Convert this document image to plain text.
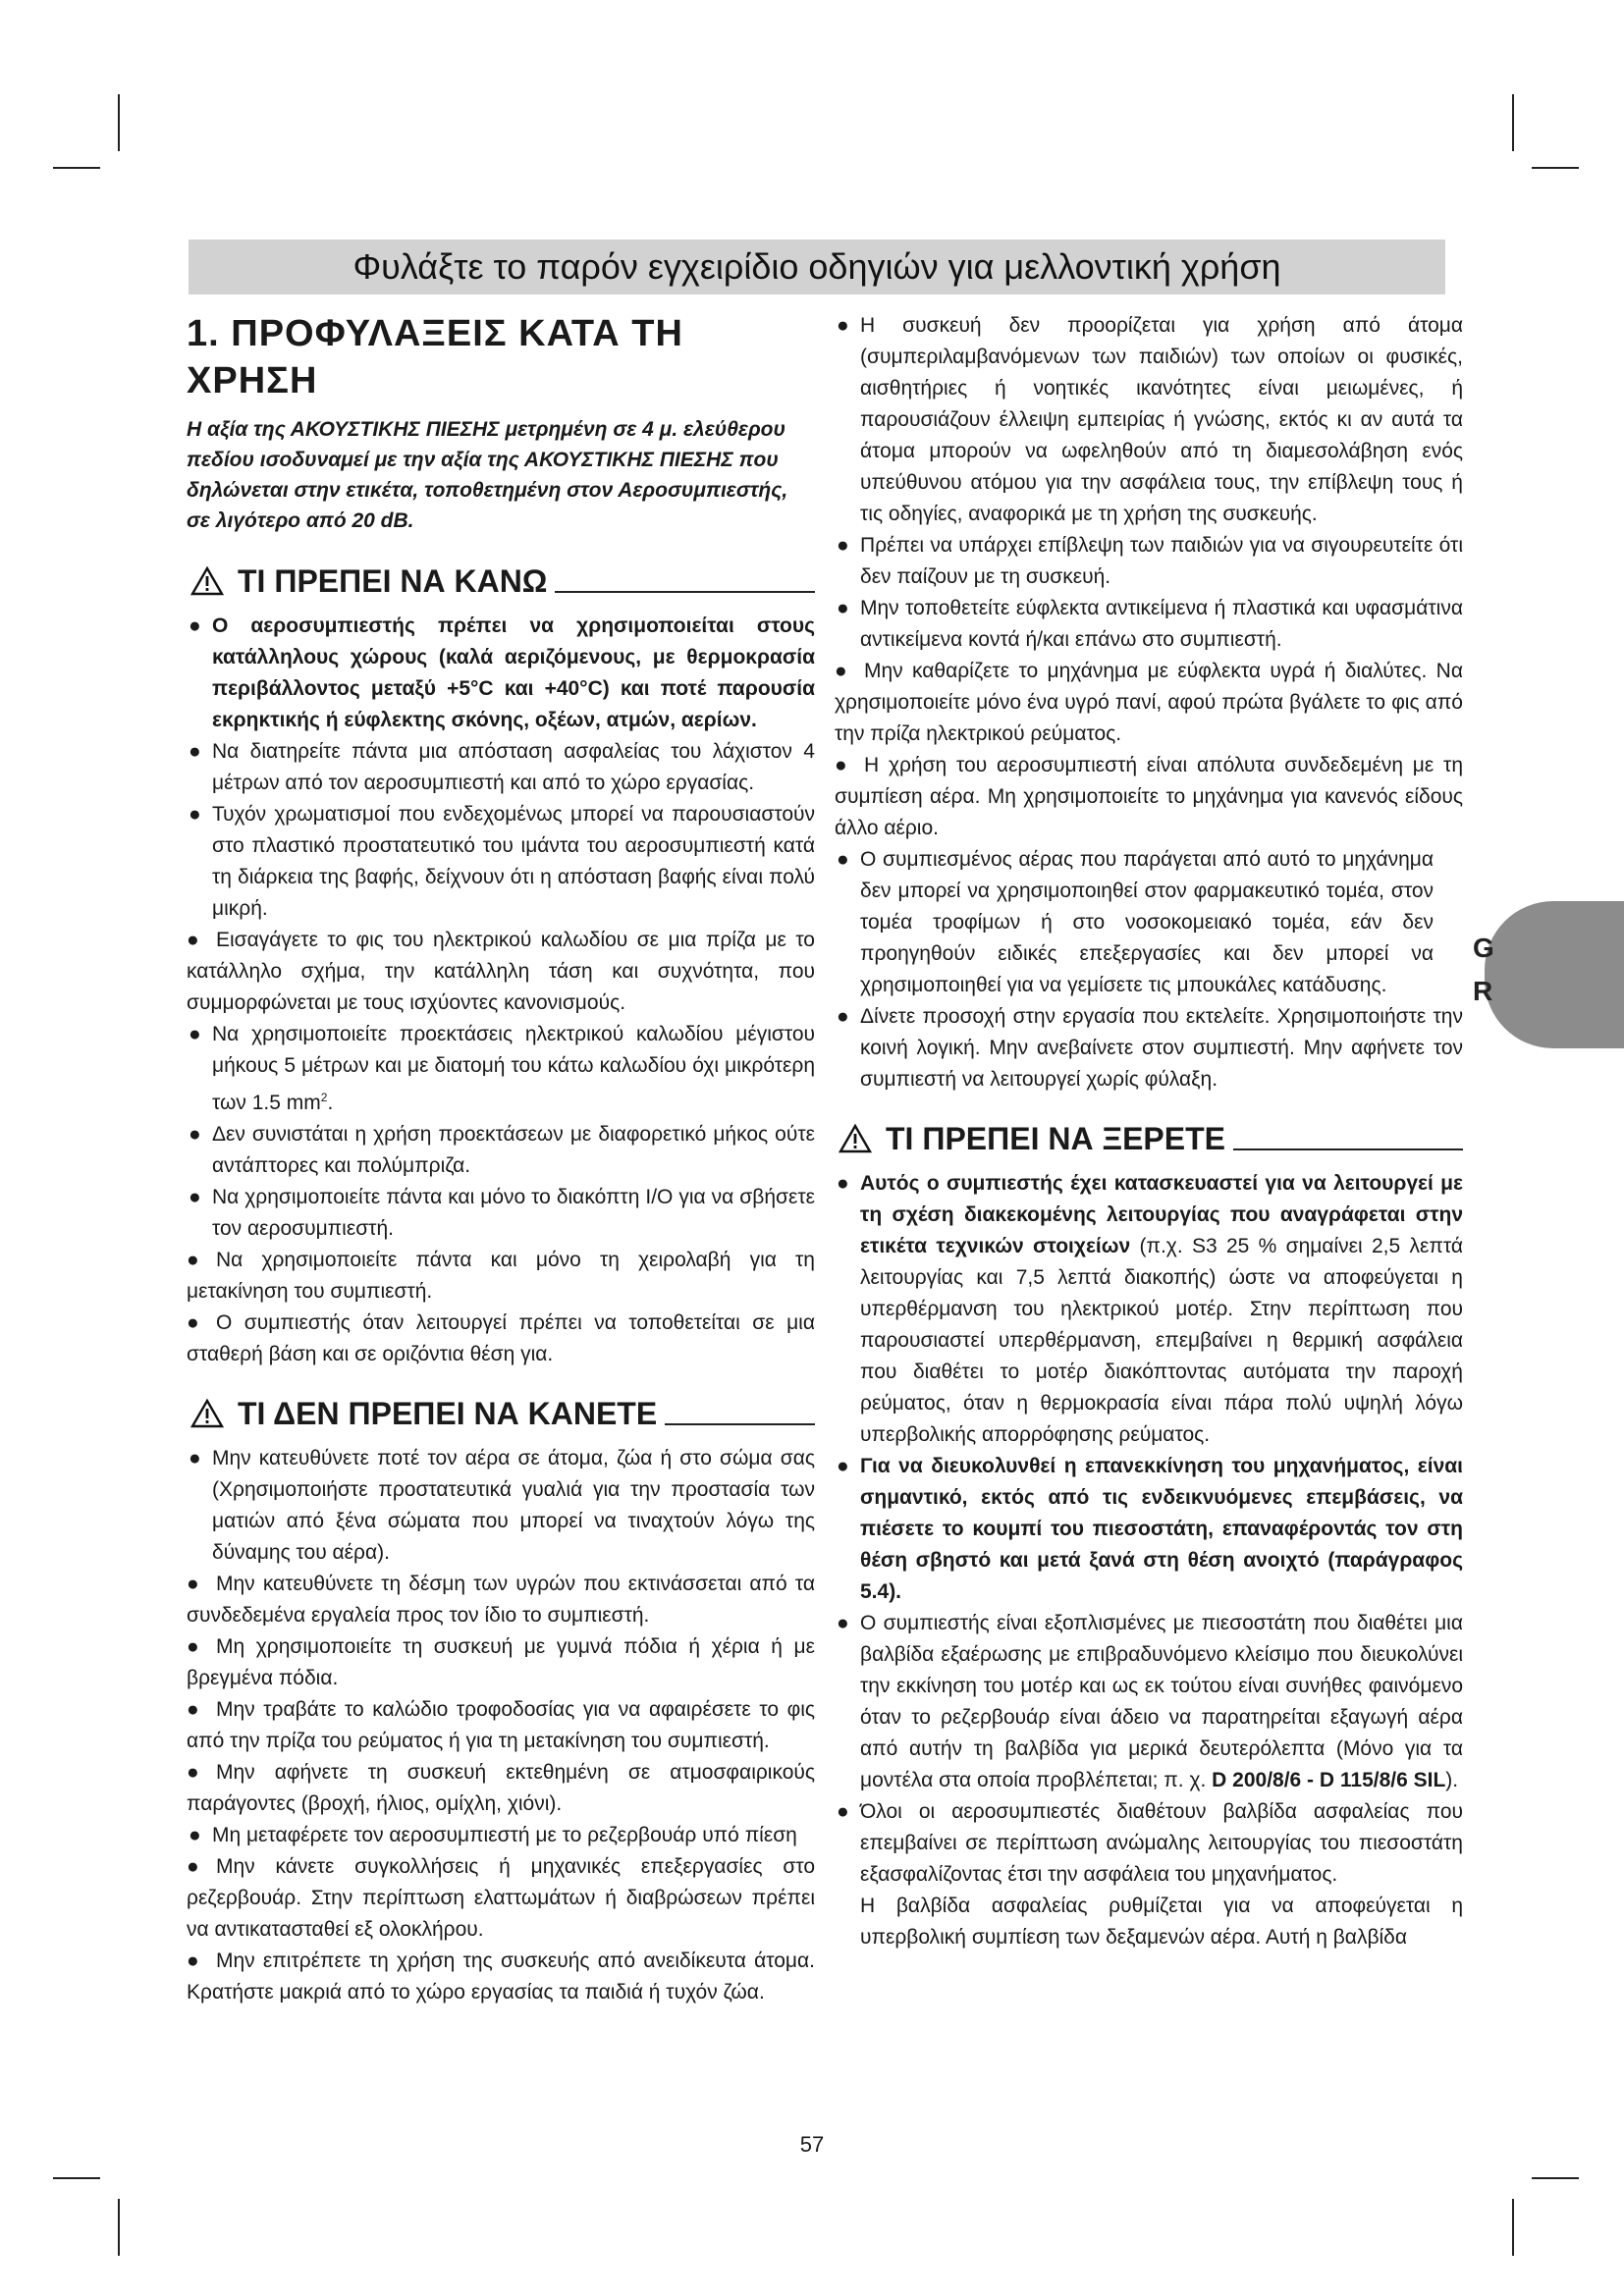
Φυλάξτε το παρόν εγχειρίδιο οδηγιών για μελλοντική χρήση
G
R
1. ΠΡΟΦΥΛΑΞΕΙΣ ΚΑΤΑ ΤΗ ΧΡΗΣΗ
Η αξία της ΑΚΟΥΣΤΙΚΗΣ ΠΙΕΣΗΣ μετρημένη σε 4 μ. ελεύθερου πεδίου ισοδυναμεί με την αξία της ΑΚΟΥΣΤΙΚΗΣ ΠΙΕΣΗΣ που δηλώνεται στην ετικέτα, τοποθετημένη στον Αεροσυμπιεστής, σε λιγότερο από 20 dB.
ΤΙ ΠΡΕΠΕΙ ΝΑ ΚΑΝΩ
● Ο αεροσυμπιεστής πρέπει να χρησιμοποιείται στους κατάλληλους χώρους (καλά αεριζόμενους, με θερμοκρασία περιβάλλοντος μεταξύ +5°C και +40°C) και ποτέ παρουσία εκρηκτικής ή εύφλεκτης σκόνης, οξέων, ατμών, αερίων.
● Να διατηρείτε πάντα μια απόσταση ασφαλείας του λάχιστον 4 μέτρων από τον αεροσυμπιεστή και από το χώρο εργασίας.
● Τυχόν χρωματισμοί που ενδεχομένως μπορεί να παρουσιαστούν στο πλαστικό προστατευτικό του ιμάντα του αεροσυμπιεστή κατά τη διάρκεια της βαφής, δείχνουν ότι η απόσταση βαφής είναι πολύ μικρή.
● Εισαγάγετε το φις του ηλεκτρικού καλωδίου σε μια πρίζα με το κατάλληλο σχήμα, την κατάλληλη τάση και συχνότητα, που συμμορφώνεται με τους ισχύοντες κανονισμούς.
● Να χρησιμοποιείτε προεκτάσεις ηλεκτρικού καλωδίου μέγιστου μήκους 5 μέτρων και με διατομή του κάτω καλωδίου όχι μικρότερη των 1.5 $mm^2$.
● Δεν συνιστάται η χρήση προεκτάσεων με διαφορετικό μήκος ούτε αντάπτορες και πολύμπριζα.
● Να χρησιμοποιείτε πάντα και μόνο το διακόπτη I/O για να σβήσετε τον αεροσυμπιεστή.
● Να χρησιμοποιείτε πάντα και μόνο τη χειρολαβή για τη μετακίνηση του συμπιεστή.
● Ο συμπιεστής όταν λειτουργεί πρέπει να τοποθετείται σε μια σταθερή βάση και σε οριζόντια θέση για.
ΤΙ ΔΕΝ ΠΡΕΠΕΙ ΝΑ ΚΑΝΕΤΕ
● Μην κατευθύνετε ποτέ τον αέρα σε άτομα, ζώα ή στο σώμα σας (Χρησιμοποιήστε προστατευτικά γυαλιά για την προστασία των ματιών από ξένα σώματα που μπορεί να τιναχτούν λόγω της δύναμης του αέρα).
● Μην κατευθύνετε τη δέσμη των υγρών που εκτινάσσεται από τα συνδεδεμένα εργαλεία προς τον ίδιο το συμπιεστή.
● Μη χρησιμοποιείτε τη συσκευή με γυμνά πόδια ή χέρια ή με βρεγμένα πόδια.
● Μην τραβάτε το καλώδιο τροφοδοσίας για να αφαιρέσετε το φις από την πρίζα του ρεύματος ή για τη μετακίνηση του συμπιεστή.
● Μην αφήνετε τη συσκευή εκτεθημένη σε ατμοσφαιρικούς παράγοντες (βροχή, ήλιος, ομίχλη, χιόνι).
● Μη μεταφέρετε τον αεροσυμπιεστή με το ρεζερβουάρ υπό πίεση
● Μην κάνετε συγκολλήσεις ή μηχανικές επεξεργασίες στο ρεζερβουάρ. Στην περίπτωση ελαττωμάτων ή διαβρώσεων πρέπει να αντικατασταθεί εξ ολοκλήρου.
● Μην επιτρέπετε τη χρήση της συσκευής από ανειδίκευτα άτομα. Κρατήστε μακριά από το χώρο εργασίας τα παιδιά ή τυχόν ζώα.
● Η συσκευή δεν προορίζεται για χρήση από άτομα (συμπεριλαμβανόμενων των παιδιών) των οποίων οι φυσικές, αισθητήριες ή νοητικές ικανότητες είναι μειωμένες, ή παρουσιάζουν έλλειψη εμπειρίας ή γνώσης, εκτός κι αν αυτά τα άτομα μπορούν να ωφεληθούν από τη διαμεσολάβηση ενός υπεύθυνου ατόμου για την ασφάλεια τους, την επίβλεψη τους ή τις οδηγίες, αναφορικά με τη χρήση της συσκευής.
● Πρέπει να υπάρχει επίβλεψη των παιδιών για να σιγουρευτείτε ότι δεν παίζουν με τη συσκευή.
● Μην τοποθετείτε εύφλεκτα αντικείμενα ή πλαστικά και υφασμάτινα αντικείμενα κοντά ή/και επάνω στο συμπιεστή.
● Μην καθαρίζετε το μηχάνημα με εύφλεκτα υγρά ή διαλύτες. Να χρησιμοποιείτε μόνο ένα υγρό πανί, αφού πρώτα βγάλετε το φις από την πρίζα ηλεκτρικού ρεύματος.
● Η χρήση του αεροσυμπιεστή είναι απόλυτα συνδεδεμένη με τη συμπίεση αέρα. Μη χρησιμοποιείτε το μηχάνημα για κανενός είδους άλλο αέριο.
● Ο συμπιεσμένος αέρας που παράγεται από αυτό το μηχάνημα δεν μπορεί να χρησιμοποιηθεί στον φαρμακευτικό τομέα, στον τομέα τροφίμων ή στο νοσοκομειακό τομέα, εάν δεν προηγηθούν ειδικές επεξεργασίες και δεν μπορεί να χρησιμοποιηθεί για να γεμίσετε τις μπουκάλες κατάδυσης.
● Δίνετε προσοχή στην εργασία που εκτελείτε. Χρησιμοποιήστε την κοινή λογική. Μην ανεβαίνετε στον συμπιεστή. Μην αφήνετε τον συμπιεστή να λειτουργεί χωρίς φύλαξη.
ΤΙ ΠΡΕΠΕΙ ΝΑ ΞΕΡΕΤΕ
● Αυτός ο συμπιεστής έχει κατασκευαστεί για να λειτουργεί με τη σχέση διακεκομένης λειτουργίας που αναγράφεται στην ετικέτα τεχνικών στοιχείων (π.χ. S3 25 % σημαίνει 2,5 λεπτά λειτουργίας και 7,5 λεπτά διακοπής) ώστε να αποφεύγεται η υπερθέρμανση του ηλεκτρικού μοτέρ. Στην περίπτωση που παρουσιαστεί υπερθέρμανση, επεμβαίνει η θερμική ασφάλεια που διαθέτει το μοτέρ διακόπτοντας αυτόματα την παροχή ρεύματος, όταν η θερμοκρασία είναι πάρα πολύ υψηλή λόγω υπερβολικής απορρόφησης ρεύματος.
● Για να διευκολυνθεί η επανεκκίνηση του μηχανήματος, είναι σημαντικό, εκτός από τις ενδεικνυόμενες επεμβάσεις, να πιέσετε το κουμπί του πιεσοστάτη, επαναφέροντάς τον στη θέση σβηστό και μετά ξανά στη θέση ανοιχτό (παράγραφος 5.4).
● Ο συμπιεστής είναι εξοπλισμένες με πιεσοστάτη που διαθέτει μια βαλβίδα εξαέρωσης με επιβραδυνόμενο κλείσιμο που διευκολύνει την εκκίνηση του μοτέρ και ως εκ τούτου είναι συνήθες φαινόμενο όταν το ρεζερβουάρ είναι άδειο να παρατηρείται εξαγωγή αέρα από αυτήν τη βαλβίδα για μερικά δευτερόλεπτα (Μόνο για τα μοντέλα στα οποία προβλέπεται; π. χ. D 200/8/6 - D 115/8/6 SIL).
● Όλοι οι αεροσυμπιεστές διαθέτουν βαλβίδα ασφαλείας που επεμβαίνει σε περίπτωση ανώμαλης λειτουργίας του πιεσοστάτη εξασφαλίζοντας έτσι την ασφάλεια του μηχανήματος.
Η βαλβίδα ασφαλείας ρυθμίζεται για να αποφεύγεται η υπερβολική συμπίεση των δεξαμενών αέρα. Αυτή η βαλβίδα
57
